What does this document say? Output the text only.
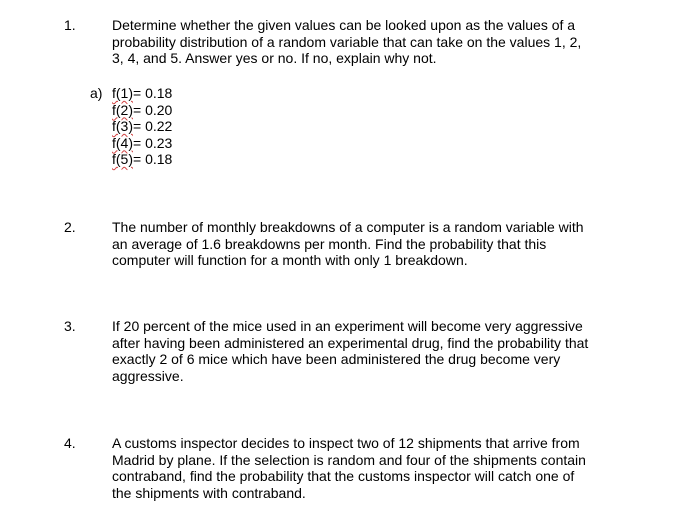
1.	Determine whether the given values can be looked upon as the values of a
probability distribution of a random variable that can take on the values 1, 2,
3, 4, and 5. Answer yes or no. If no, explain why not.
a) f(1)= 0.18
f(2)= 0.20
f(3)= 0.22
f(4)= 0.23
f(5)= 0.18
2.	The number of monthly breakdowns of a computer is a random variable with
an average of 1.6 breakdowns per month. Find the probability that this
computer will function for a month with only 1 breakdown.
3.	If 20 percent of the mice used in an experiment will become very aggressive
after having been administered an experimental drug, find the probability that
exactly 2 of 6 mice which have been administered the drug become very
aggressive.
4.	A customs inspector decides to inspect two of 12 shipments that arrive from
Madrid by plane. If the selection is random and four of the shipments contain
contraband, find the probability that the customs inspector will catch one of
the shipments with contraband.
